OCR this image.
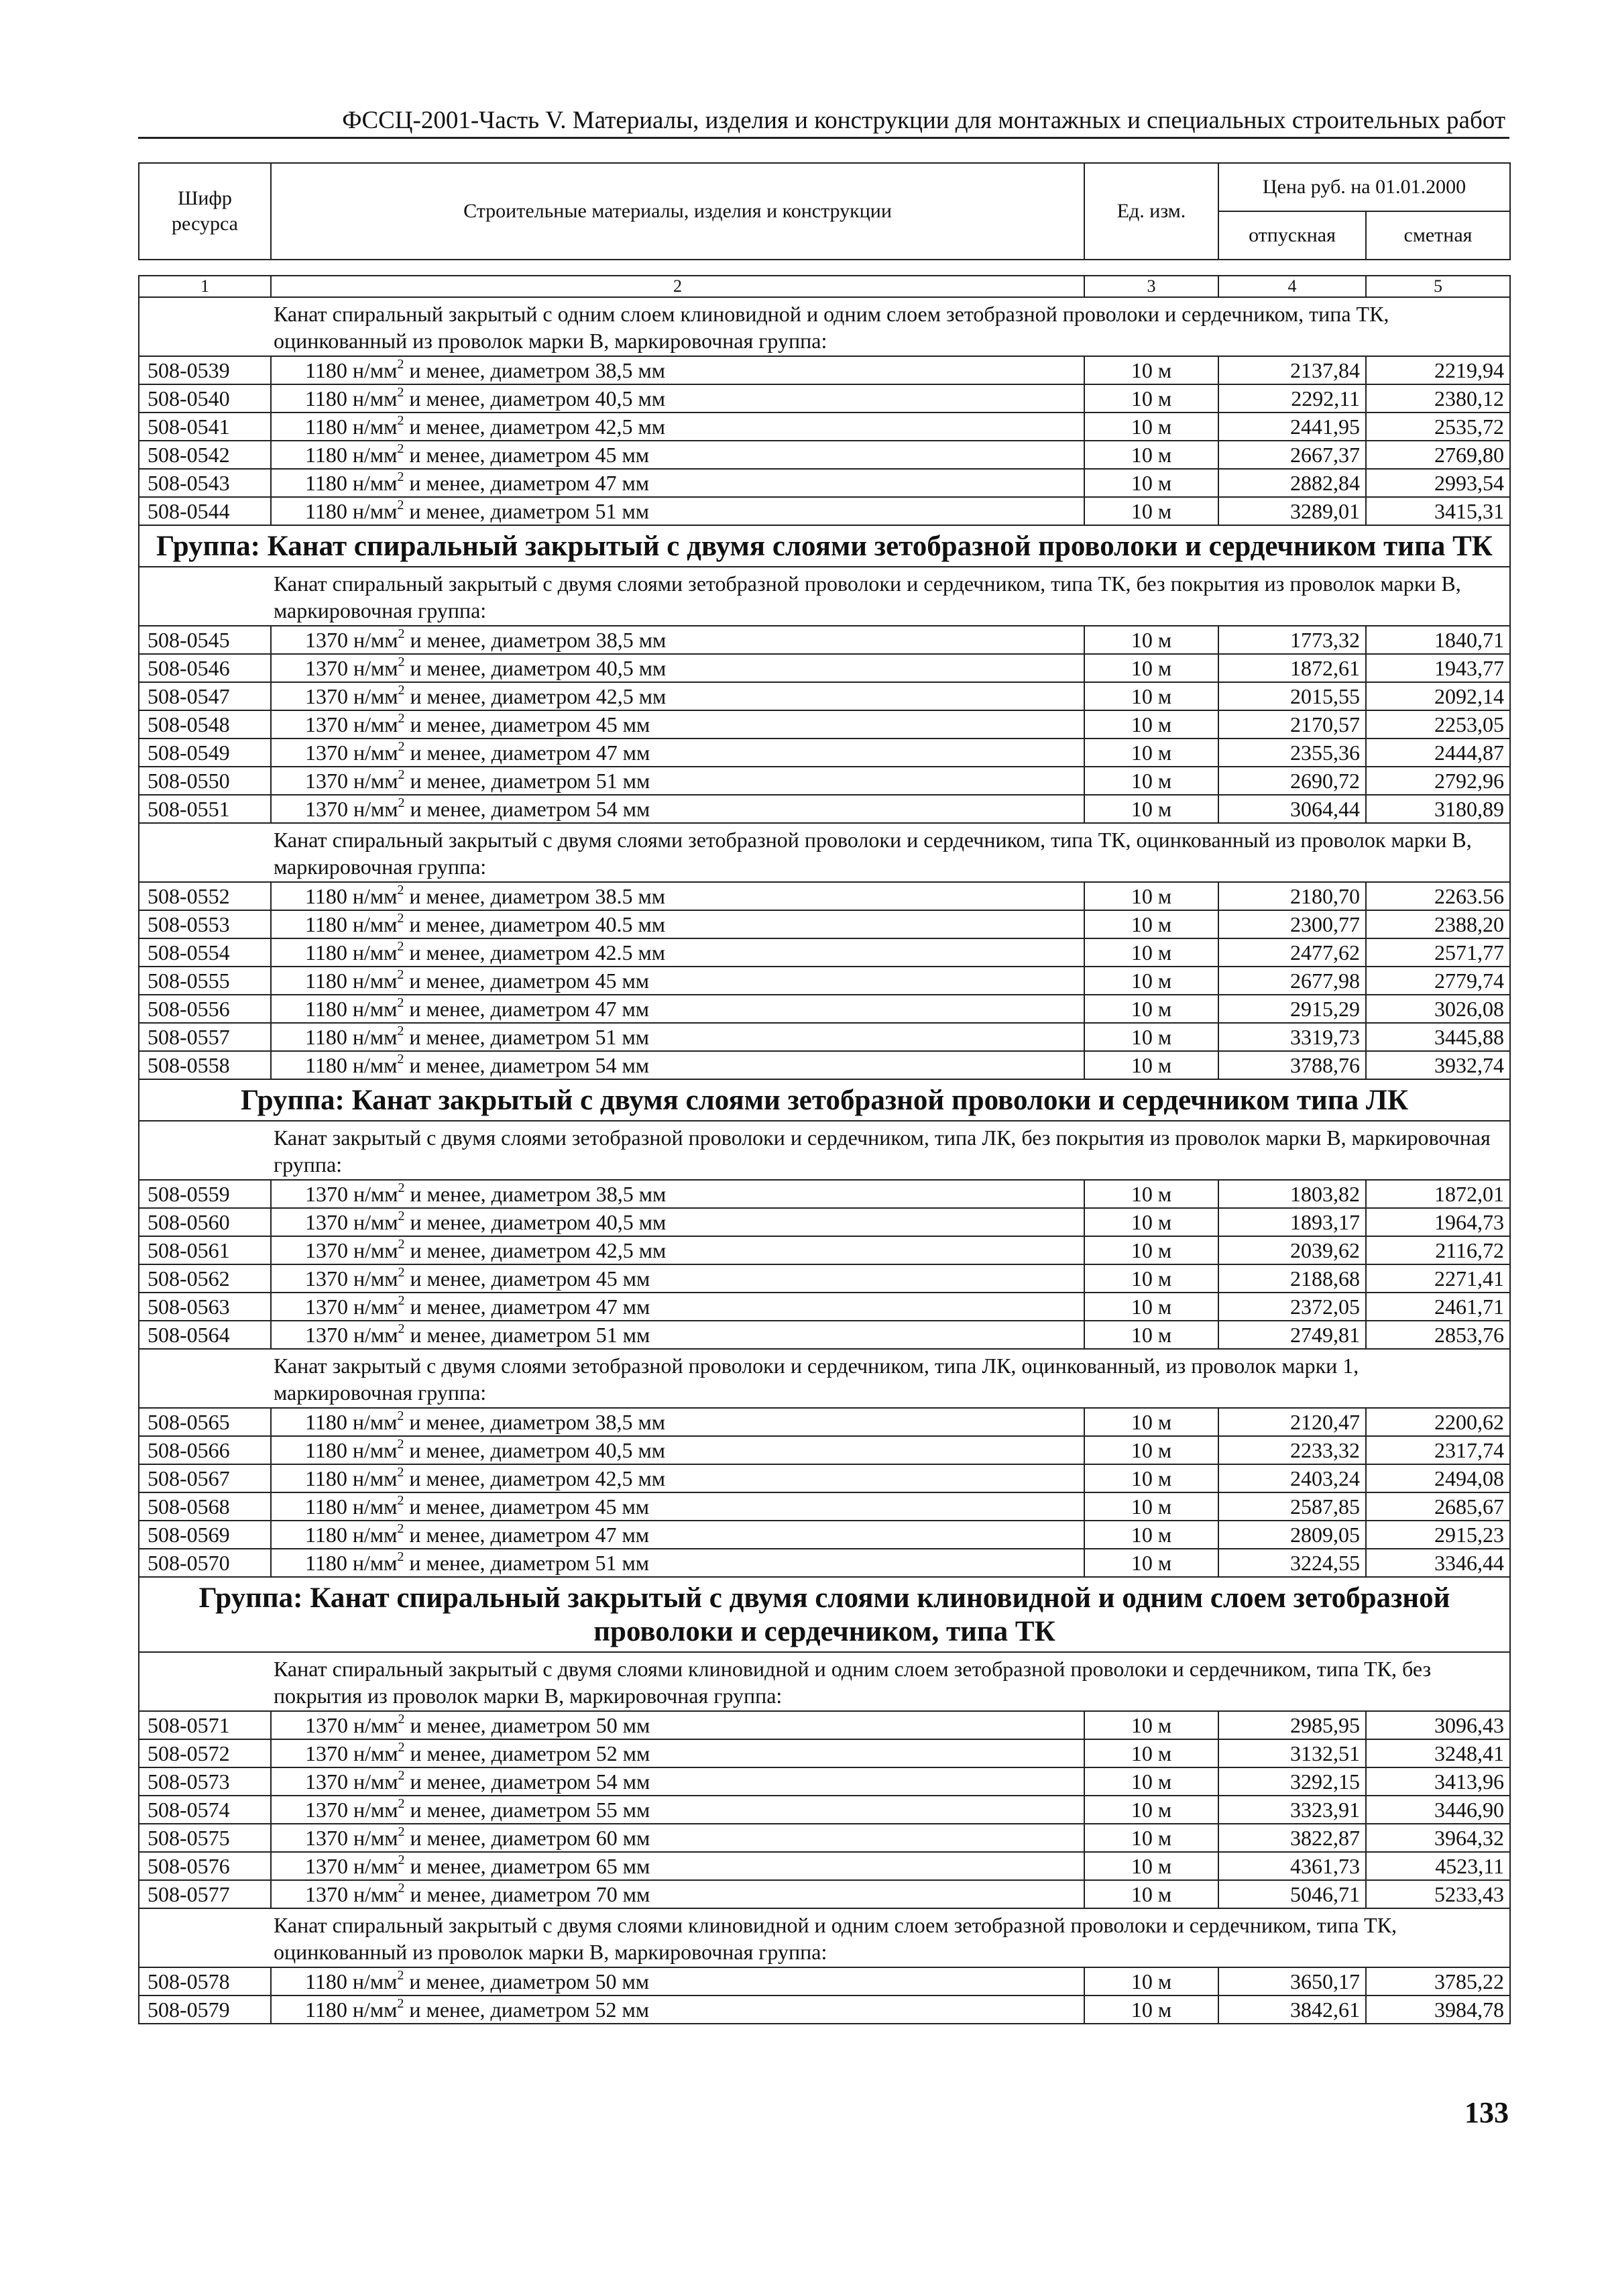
ФССЦ-2001-Часть V. Материалы, изделия и конструкции для монтажных и специальных строительных работ
Шифр ресурса	Строительные материалы, изделия и конструкции	Ед. изм.	Цена руб. на 01.01.2000	
			отпускная	сметная

1	2	3	4	5
	Канат спиральный закрытый с одним слоем клиновидной и одним слоем зетобразной проволоки и сердечником, типа ТК, оцинкованный из проволок марки В, маркировочная группа:			
508-0539	1180 $н/мм^2$ и менее, диаметром 38,5 мм	10 м	2137,84	2219,94
508-0540	1180 $н/мм^2$ и менее, диаметром 40,5 мм	10 м	2292,11	2380,12
508-0541	1180 $н/мм^2$ и менее, диаметром 42,5 мм	10 м	2441,95	2535,72
508-0542	1180 $н/мм^2$ и менее, диаметром 45 мм	10 м	2667,37	2769,80
508-0543	1180 $н/мм^2$ и менее, диаметром 47 мм	10 м	2882,84	2993,54
508-0544	1180 $н/мм^2$ и менее, диаметром 51 мм	10 м	3289,01	3415,31
Группа: Канат спиральный закрытый с двумя слоями зетобразной проволоки и сердечником типа ТК				
	Канат спиральный закрытый с двумя слоями зетобразной проволоки и сердечником, типа ТК, без покрытия из проволок марки В, маркировочная группа:			
508-0545	1370 $н/мм^2$ и менее, диаметром 38,5 мм	10 м	1773,32	1840,71
508-0546	1370 $н/мм^2$ и менее, диаметром 40,5 мм	10 м	1872,61	1943,77
508-0547	1370 $н/мм^2$ и менее, диаметром 42,5 мм	10 м	2015,55	2092,14
508-0548	1370 $н/мм^2$ и менее, диаметром 45 мм	10 м	2170,57	2253,05
508-0549	1370 $н/мм^2$ и менее, диаметром 47 мм	10 м	2355,36	2444,87
508-0550	1370 $н/мм^2$ и менее, диаметром 51 мм	10 м	2690,72	2792,96
508-0551	1370 $н/мм^2$ и менее, диаметром 54 мм	10 м	3064,44	3180,89
	Канат спиральный закрытый с двумя слоями зетобразной проволоки и сердечником, типа ТК, оцинкованный из проволок марки В, маркировочная группа:			
508-0552	1180 $н/мм^2$ и менее, диаметром 38.5 мм	10 м	2180,70	2263.56
508-0553	1180 $н/мм^2$ и менее, диаметром 40.5 мм	10 м	2300,77	2388,20
508-0554	1180 $н/мм^2$ и менее, диаметром 42.5 мм	10 м	2477,62	2571,77
508-0555	1180 $н/мм^2$ и менее, диаметром 45 мм	10 м	2677,98	2779,74
508-0556	1180 $н/мм^2$ и менее, диаметром 47 мм	10 м	2915,29	3026,08
508-0557	1180 $н/мм^2$ и менее, диаметром 51 мм	10 м	3319,73	3445,88
508-0558	1180 $н/мм^2$ и менее, диаметром 54 мм	10 м	3788,76	3932,74
Группа: Канат закрытый с двумя слоями зетобразной проволоки и сердечником типа ЛК				
	Канат закрытый с двумя слоями зетобразной проволоки и сердечником, типа ЛК, без покрытия из проволок марки В, маркировочная группа:			
508-0559	1370 $н/мм^2$ и менее, диаметром 38,5 мм	10 м	1803,82	1872,01
508-0560	1370 $н/мм^2$ и менее, диаметром 40,5 мм	10 м	1893,17	1964,73
508-0561	1370 $н/мм^2$ и менее, диаметром 42,5 мм	10 м	2039,62	2116,72
508-0562	1370 $н/мм^2$ и менее, диаметром 45 мм	10 м	2188,68	2271,41
508-0563	1370 $н/мм^2$ и менее, диаметром 47 мм	10 м	2372,05	2461,71
508-0564	1370 $н/мм^2$ и менее, диаметром 51 мм	10 м	2749,81	2853,76
	Канат закрытый с двумя слоями зетобразной проволоки и сердечником, типа ЛК, оцинкованный, из проволок марки 1, маркировочная группа:			
508-0565	1180 $н/мм^2$ и менее, диаметром 38,5 мм	10 м	2120,47	2200,62
508-0566	1180 $н/мм^2$ и менее, диаметром 40,5 мм	10 м	2233,32	2317,74
508-0567	1180 $н/мм^2$ и менее, диаметром 42,5 мм	10 м	2403,24	2494,08
508-0568	1180 $н/мм^2$ и менее, диаметром 45 мм	10 м	2587,85	2685,67
508-0569	1180 $н/мм^2$ и менее, диаметром 47 мм	10 м	2809,05	2915,23
508-0570	1180 $н/мм^2$ и менее, диаметром 51 мм	10 м	3224,55	3346,44
Группа: Канат спиральный закрытый с двумя слоями клиновидной и одним слоем зетобразной проволоки и сердечником, типа ТК				
	Канат спиральный закрытый с двумя слоями клиновидной и одним слоем зетобразной проволоки и сердечником, типа ТК, без покрытия из проволок марки В, маркировочная группа:			
508-0571	1370 $н/мм^2$ и менее, диаметром 50 мм	10 м	2985,95	3096,43
508-0572	1370 $н/мм^2$ и менее, диаметром 52 мм	10 м	3132,51	3248,41
508-0573	1370 $н/мм^2$ и менее, диаметром 54 мм	10 м	3292,15	3413,96
508-0574	1370 $н/мм^2$ и менее, диаметром 55 мм	10 м	3323,91	3446,90
508-0575	1370 $н/мм^2$ и менее, диаметром 60 мм	10 м	3822,87	3964,32
508-0576	1370 $н/мм^2$ и менее, диаметром 65 мм	10 м	4361,73	4523,11
508-0577	1370 $н/мм^2$ и менее, диаметром 70 мм	10 м	5046,71	5233,43
	Канат спиральный закрытый с двумя слоями клиновидной и одним слоем зетобразной проволоки и сердечником, типа ТК, оцинкованный из проволок марки В, маркировочная группа:			
508-0578	1180 $н/мм^2$ и менее, диаметром 50 мм	10 м	3650,17	3785,22
508-0579	1180 $н/мм^2$ и менее, диаметром 52 мм	10 м	3842,61	3984,78
133
